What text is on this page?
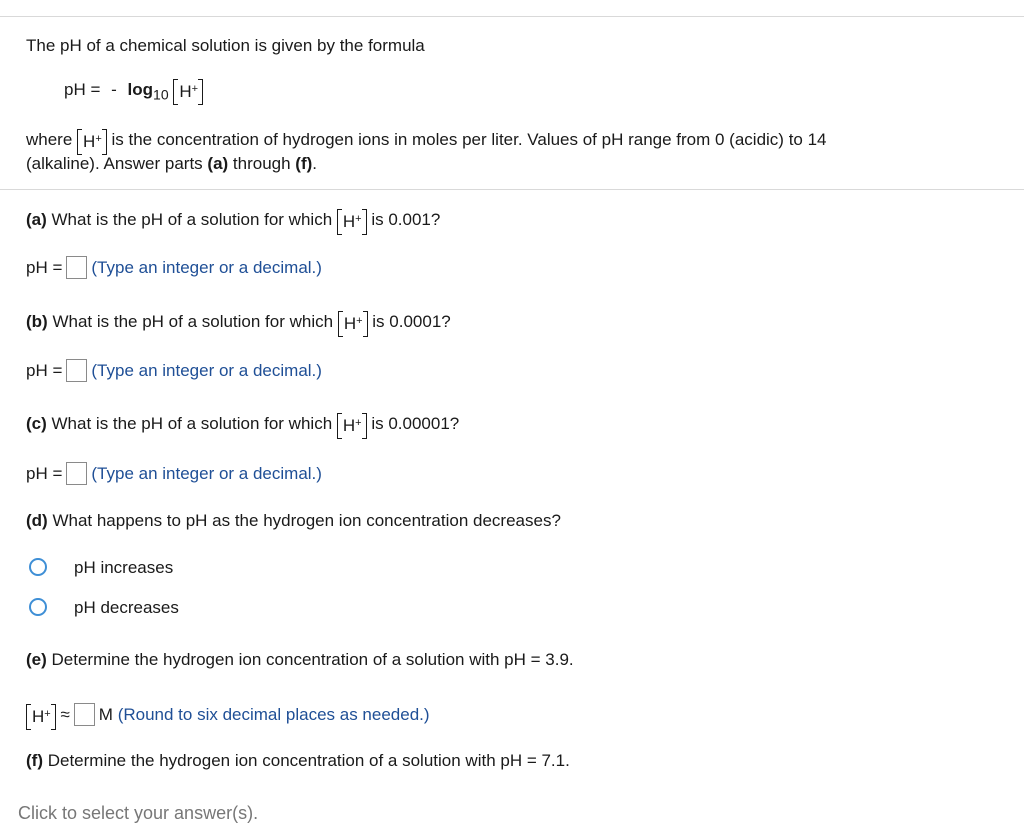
The pH of a chemical solution is given by the formula
pH = - $\log_{10} H^+$
where H+ is the concentration of hydrogen ions in moles per liter. Values of pH range from 0 (acidic) to 14
(alkaline). Answer parts (a) through (f).
(a) What is the pH of a solution for which H+ is 0.001?
pH = (Type an integer or a decimal.)
(b) What is the pH of a solution for which H+ is 0.0001?
pH = (Type an integer or a decimal.)
(c) What is the pH of a solution for which H+ is 0.00001?
pH = (Type an integer or a decimal.)
(d) What happens to pH as the hydrogen ion concentration decreases?
pH increases
pH decreases
(e) Determine the hydrogen ion concentration of a solution with pH = 3.9.
H+ ≈ M (Round to six decimal places as needed.)
(f) Determine the hydrogen ion concentration of a solution with pH = 7.1.
Click to select your answer(s).
